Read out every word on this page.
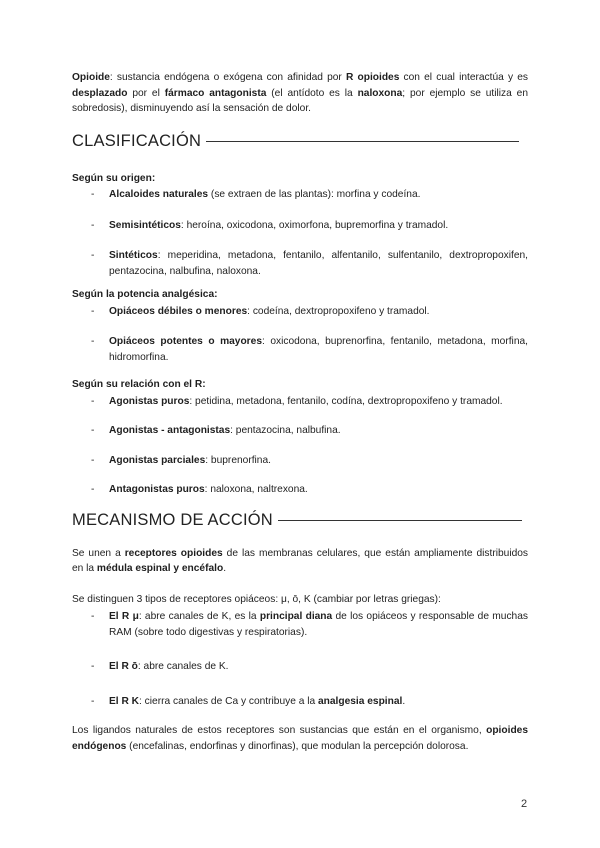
Opioide: sustancia endógena o exógena con afinidad por R opioides con el cual interactúa y es desplazado por el fármaco antagonista (el antídoto es la naloxona; por ejemplo se utiliza en sobredosis), disminuyendo así la sensación de dolor.

CLASIFICACIÓN

Según su origen:

- Alcaloides naturales (se extraen de las plantas): morfina y codeína.
- Semisintéticos: heroína, oxicodona, oximorfona, bupremorfina y tramadol.
- Sintéticos: meperidina, metadona, fentanilo, alfentanilo, sulfentanilo, dextropropoxifen, pentazocina, nalbufina, naloxona.

Según la potencia analgésica:

- Opiáceos débiles o menores: codeína, dextropropoxifeno y tramadol.
- Opiáceos potentes o mayores: oxicodona, buprenorfina, fentanilo, metadona, morfina, hidromorfina.

Según su relación con el R:

- Agonistas puros: petidina, metadona, fentanilo, codína, dextropropoxifeno y tramadol.
- Agonistas - antagonistas: pentazocina, nalbufina.
- Agonistas parciales: buprenorfina.
- Antagonistas puros: naloxona, naltrexona.
MECANISMO DE ACCIÓN

Se unen a receptores opioides de las membranas celulares, que están ampliamente distribuidos en la médula espinal y encéfalo.

Se distinguen 3 tipos de receptores opiáceos: μ, ō, K (cambiar por letras griegas):

- El R μ: abre canales de K, es la principal diana de los opiáceos y responsable de muchas RAM (sobre todo digestivas y respiratorias).
- El R ō: abre canales de K.
- El R K: cierra canales de Ca y contribuye a la analgesia espinal.

Los ligandos naturales de estos receptores son sustancias que están en el organismo, opioides endógenos (encefalinas, endorfinas y dinorfinas), que modulan la percepción dolorosa.

2
